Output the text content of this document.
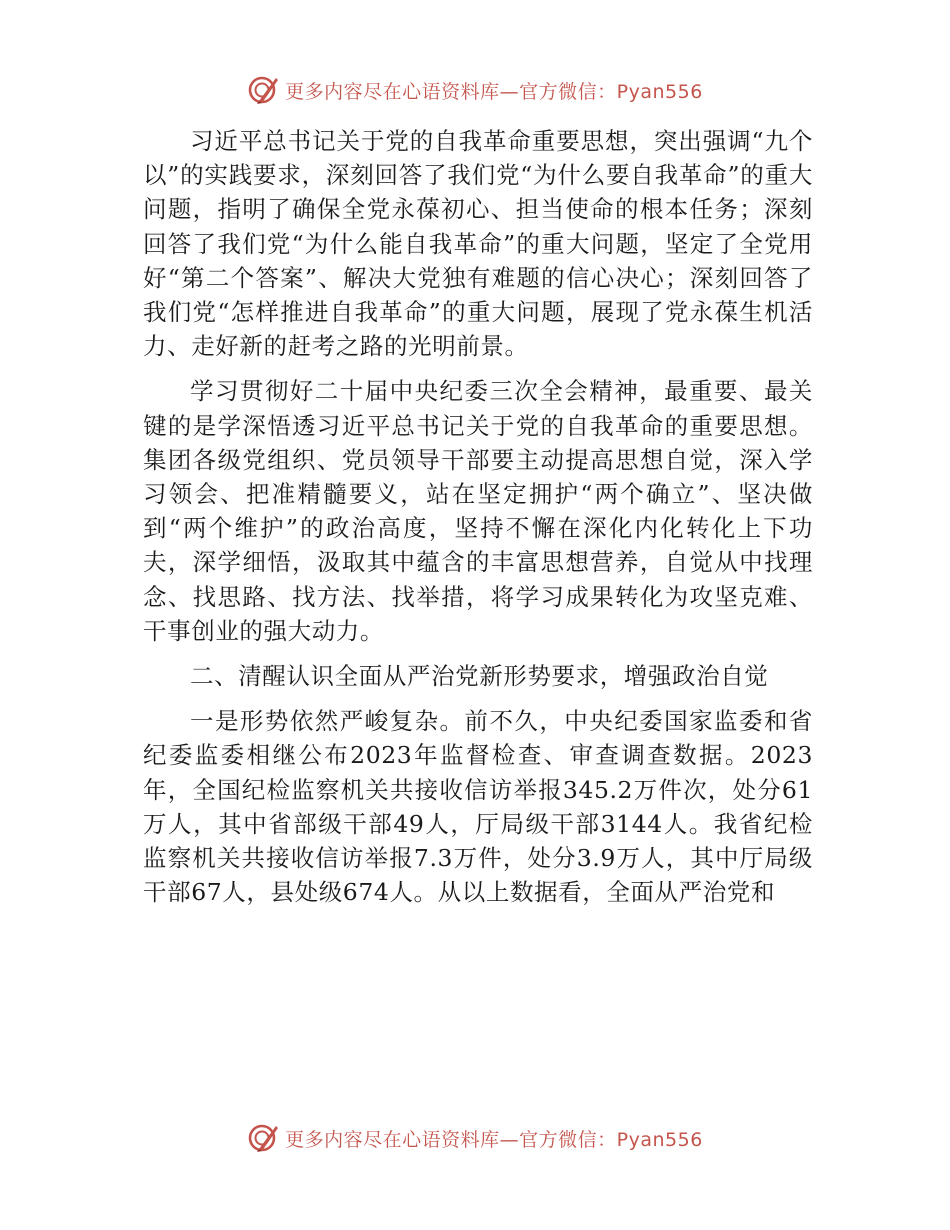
更多内容尽在心语资料库—官方微信：Pyan556

习近平总书记关于党的自我革命重要思想，突出强调“九个以”的实践要求，深刻回答了我们党“为什么要自我革命”的重大问题，指明了确保全党永葆初心、担当使命的根本任务；深刻回答了我们党“为什么能自我革命”的重大问题，坚定了全党用好“第二个答案”、解决大党独有难题的信心决心；深刻回答了我们党“怎样推进自我革命”的重大问题，展现了党永葆生机活力、走好新的赶考之路的光明前景。

学习贯彻好二十届中央纪委三次全会精神，最重要、最关键的是学深悟透习近平总书记关于党的自我革命的重要思想。集团各级党组织、党员领导干部要主动提高思想自觉，深入学习领会、把准精髓要义，站在坚定拥护“两个确立”、坚决做到“两个维护”的政治高度，坚持不懈在深化内化转化上下功夫，深学细悟，汲取其中蕴含的丰富思想营养，自觉从中找理念、找思路、找方法、找举措，将学习成果转化为攻坚克难、干事创业的强大动力。

二、清醒认识全面从严治党新形势要求，增强政治自觉

一是形势依然严峻复杂。前不久，中央纪委国家监委和省纪委监委相继公布2023年监督检查、审查调查数据。2023年，全国纪检监察机关共接收信访举报345.2万件次，处分61万人，其中省部级干部49人，厅局级干部3144人。我省纪检监察机关共接收信访举报7.3万件，处分3.9万人，其中厅局级干部67人，县处级674人。从以上数据看，全面从严治党和

更多内容尽在心语资料库—官方微信：Pyan556
